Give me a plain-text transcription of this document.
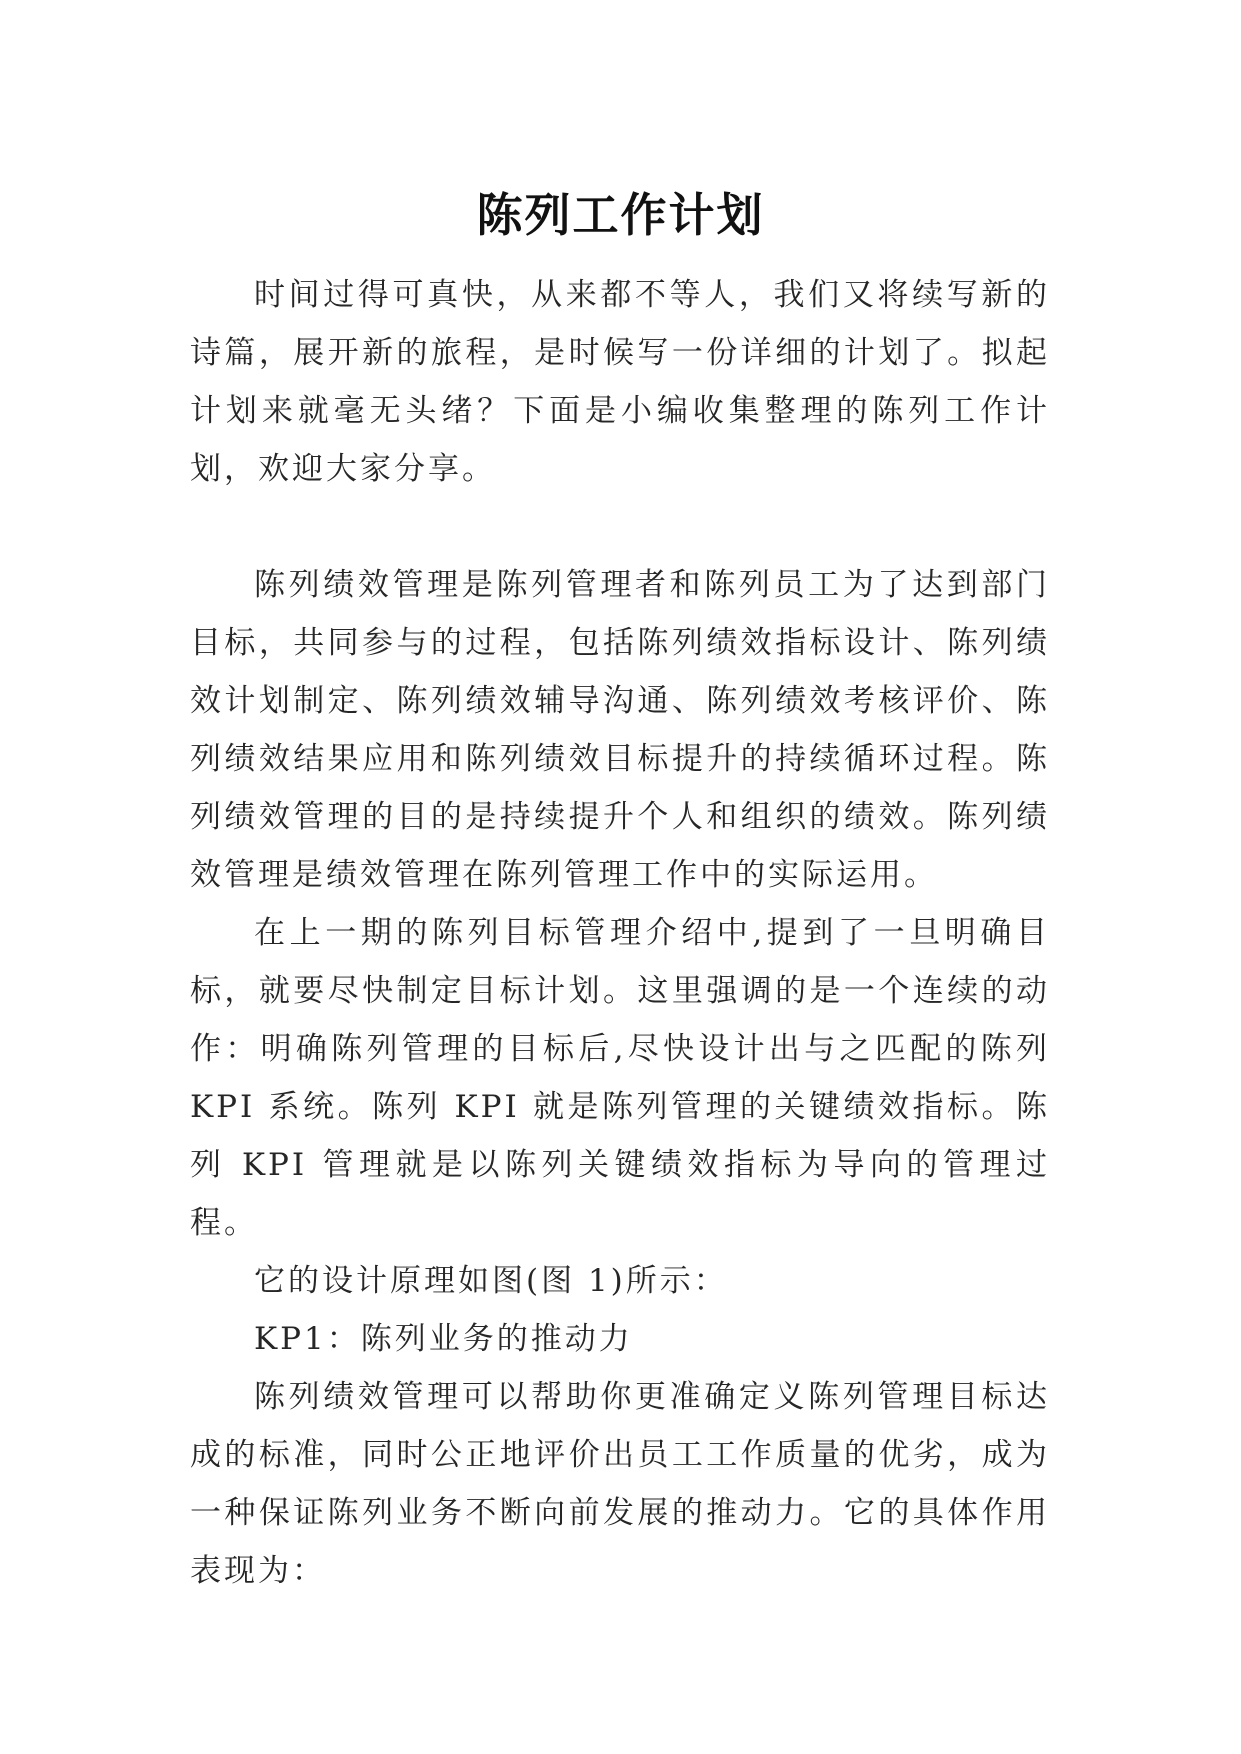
陈列工作计划

时间过得可真快，从来都不等人，我们又将续写新的诗篇，展开新的旅程，是时候写一份详细的计划了。拟起计划来就毫无头绪？下面是小编收集整理的陈列工作计划，欢迎大家分享。

陈列绩效管理是陈列管理者和陈列员工为了达到部门目标，共同参与的过程，包括陈列绩效指标设计、陈列绩效计划制定、陈列绩效辅导沟通、陈列绩效考核评价、陈列绩效结果应用和陈列绩效目标提升的持续循环过程。陈列绩效管理的目的是持续提升个人和组织的绩效。陈列绩效管理是绩效管理在陈列管理工作中的实际运用。

在上一期的陈列目标管理介绍中,提到了一旦明确目标，就要尽快制定目标计划。这里强调的是一个连续的动作：明确陈列管理的目标后,尽快设计出与之匹配的陈列 KPI 系统。陈列 KPI 就是陈列管理的关键绩效指标。陈列 KPI 管理就是以陈列关键绩效指标为导向的管理过程。

它的设计原理如图(图 1)所示：

KP1：陈列业务的推动力

陈列绩效管理可以帮助你更准确定义陈列管理目标达成的标准，同时公正地评价出员工工作质量的优劣，成为一种保证陈列业务不断向前发展的推动力。它的具体作用表现为：
